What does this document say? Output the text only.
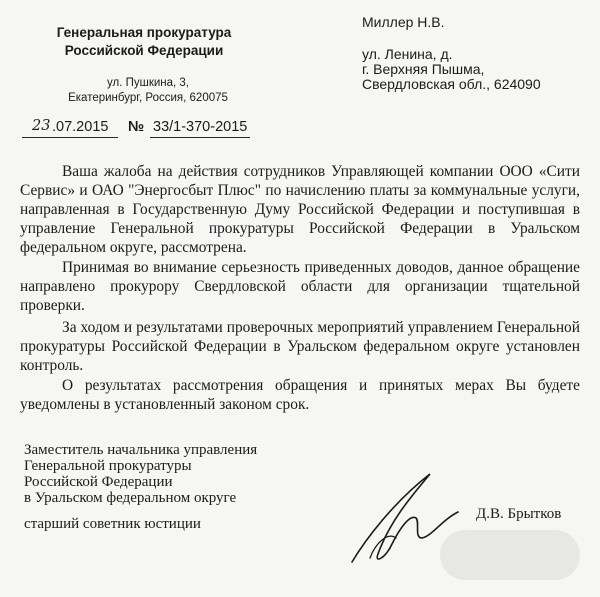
Генеральная прокуратура
Российской Федерации
ул. Пушкина, 3,
Екатеринбург, Россия, 620075
Миллер Н.В.
ул. Ленина, д.
г. Верхняя Пышма,
Свердловская обл., 624090
23 .07.2015 № 33/1-370-2015
Ваша жалоба на действия сотрудников Управляющей компании ООО «Сити Сервис» и ОАО "Энергосбыт Плюс" по начислению платы за коммунальные услуги, направленная в Государственную Думу Российской Федерации и поступившая в управление Генеральной прокуратуры Российской Федерации в Уральском федеральном округе, рассмотрена.
Принимая во внимание серьезность приведенных доводов, данное обращение направлено прокурору Свердловской области для организации тщательной проверки.
За ходом и результатами проверочных мероприятий управлением Генеральной прокуратуры Российской Федерации в Уральском федеральном округе установлен контроль.
О результатах рассмотрения обращения и принятых мерах Вы будете уведомлены в установленный законом срок.
Заместитель начальника управления
Генеральной прокуратуры
Российской Федерации
в Уральском федеральном округе
старший советник юстиции
Д.В. Брытков
